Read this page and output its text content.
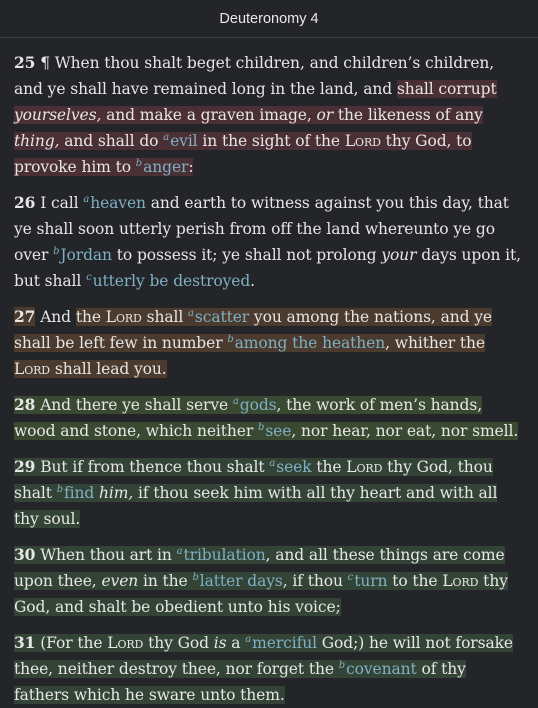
Deuteronomy 4

25 ¶ When thou shalt beget children, and children’s children, and ye shall have remained long in the land, and shall corrupt yourselves, and make a graven image, or the likeness of any thing, and shall do $^a$evil in the sight of the Lord thy God, to provoke him to $^b$anger:

26 I call $^a$heaven and earth to witness against you this day, that ye shall soon utterly perish from off the land whereunto ye go over $^b$Jordan to possess it; ye shall not prolong your days upon it, but shall $^c$utterly be destroyed.

27 And the Lord shall $^a$scatter you among the nations, and ye shall be left few in number $^b$among the heathen, whither the Lord shall lead you.

28 And there ye shall serve $^a$gods, the work of men’s hands, wood and stone, which neither $^b$see, nor hear, nor eat, nor smell.

29 But if from thence thou shalt $^a$seek the Lord thy God, thou shalt $^b$find him, if thou seek him with all thy heart and with all thy soul.

30 When thou art in $^a$tribulation, and all these things are come upon thee, even in the $^b$latter days, if thou $^c$turn to the Lord thy God, and shalt be obedient unto his voice;

31 (For the Lord thy God is a $^a$merciful God;) he will not forsake thee, neither destroy thee, nor forget the $^b$covenant of thy fathers which he sware unto them.
